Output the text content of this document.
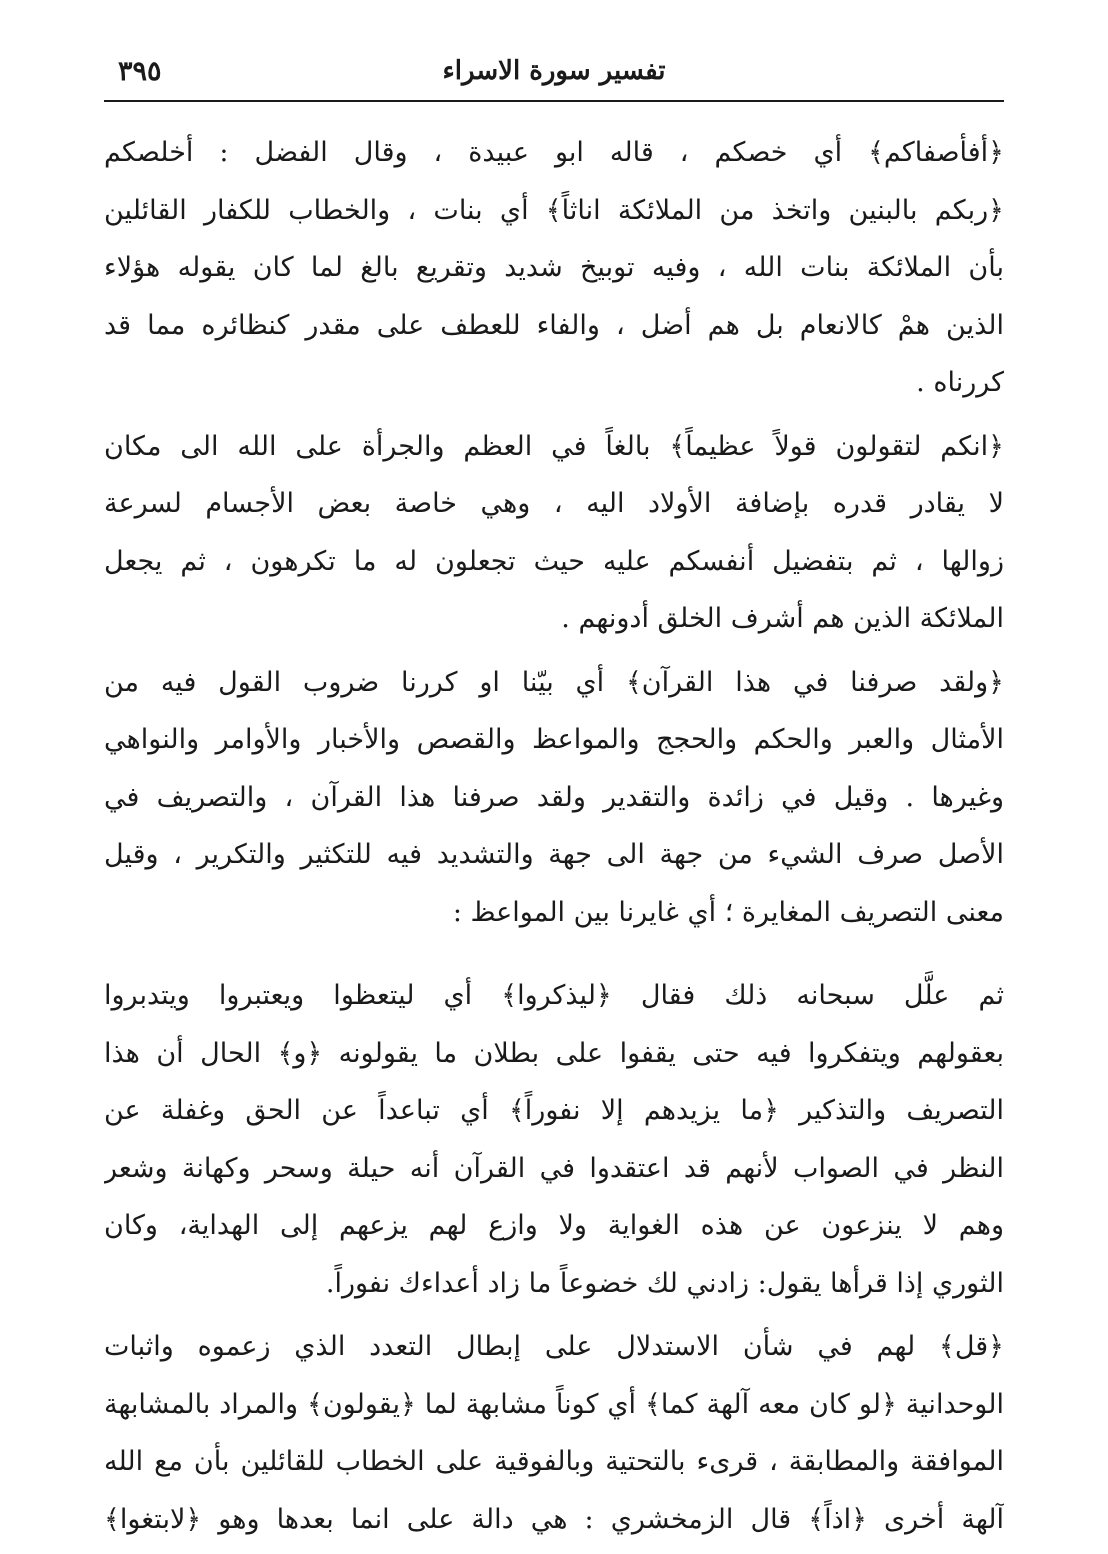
تفسير سورة الاسراء
٣٩٥
﴿أفأصفاكم﴾ أي خصكم ، قاله ابو عبيدة ، وقال الفضل : أخلصكم
﴿ربكم بالبنين واتخذ من الملائكة اناثاً﴾ أي بنات ، والخطاب للكفار القائلين
بأن الملائكة بنات الله ، وفيه توبيخ شديد وتقريع بالغ لما كان يقوله هؤلاء
الذين همْ كالانعام بل هم أضل ، والفاء للعطف على مقدر كنظائره مما قد
كررناه .
﴿انكم لتقولون قولاً عظيماً﴾ بالغاً في العظم والجرأة على الله الى مكان
لا يقادر قدره بإضافة الأولاد اليه ، وهي خاصة بعض الأجسام لسرعة
زوالها ، ثم بتفضيل أنفسكم عليه حيث تجعلون له ما تكرهون ، ثم يجعل
الملائكة الذين هم أشرف الخلق أدونهم .
﴿ولقد صرفنا في هذا القرآن﴾ أي بيّنا او كررنا ضروب القول فيه من
الأمثال والعبر والحكم والحجج والمواعظ والقصص والأخبار والأوامر والنواهي
وغيرها . وقيل في زائدة والتقدير ولقد صرفنا هذا القرآن ، والتصريف في
الأصل صرف الشيء من جهة الى جهة والتشديد فيه للتكثير والتكرير ، وقيل
معنى التصريف المغايرة ؛ أي غايرنا بين المواعظ :
ثم علَّل سبحانه ذلك فقال ﴿ليذكروا﴾ أي ليتعظوا ويعتبروا ويتدبروا
بعقولهم ويتفكروا فيه حتى يقفوا على بطلان ما يقولونه ﴿و﴾ الحال أن هذا
التصريف والتذكير ﴿ما يزيدهم إلا نفوراً﴾ أي تباعداً عن الحق وغفلة عن
النظر في الصواب لأنهم قد اعتقدوا في القرآن أنه حيلة وسحر وكهانة وشعر
وهم لا ينزعون عن هذه الغواية ولا وازع لهم يزعهم إلى الهداية، وكان
الثوري إذا قرأها يقول: زادني لك خضوعاً ما زاد أعداءك نفوراً.
﴿قل﴾ لهم في شأن الاستدلال على إبطال التعدد الذي زعموه واثبات
الوحدانية ﴿لو كان معه آلهة كما﴾ أي كوناً مشابهة لما ﴿يقولون﴾ والمراد بالمشابهة
الموافقة والمطابقة ، قرىء بالتحتية وبالفوقية على الخطاب للقائلين بأن مع الله
آلهة أخرى ﴿اذاً﴾ قال الزمخشري : هي دالة على انما بعدها وهو ﴿لابتغوا﴾
